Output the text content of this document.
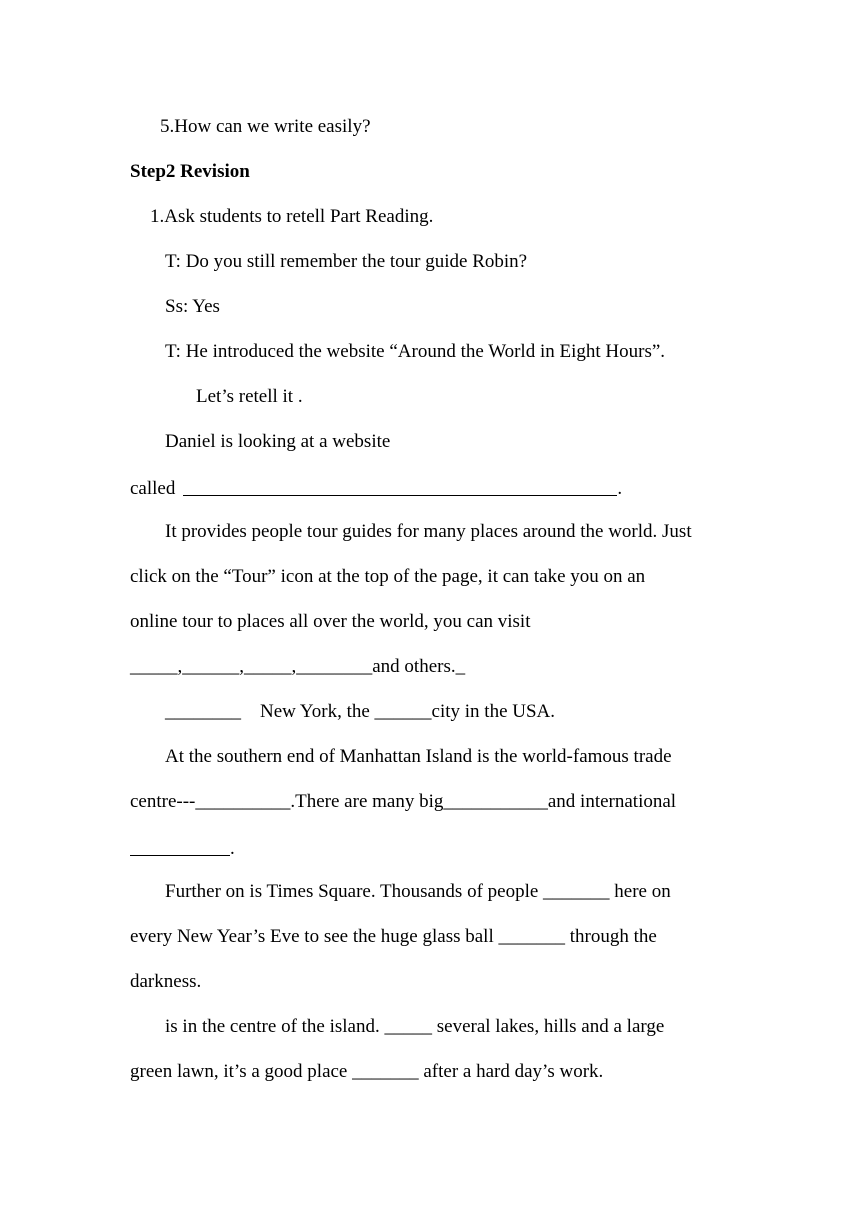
5.How can we write easily?
Step2 Revision
1.Ask students to retell Part Reading.
T: Do you still remember the tour guide Robin?
Ss: Yes
T: He introduced the website “Around the World in Eight Hours”.
Let’s retell it .
Daniel is looking at a website
called	.
It provides people tour guides for many places around the world. Just
click on the “Tour” icon at the top of the page, it can take you on an
online tour to places all over the world, you can visit
_____,______,_____,________and others._
________    New York, the ______city in the USA.
At the southern end of Manhattan Island is the world-famous trade
centre---__________.There are many big___________and international
.
Further on is Times Square. Thousands of people _______ here on
every New Year’s Eve to see the huge glass ball _______ through the
darkness.
is in the centre of the island. _____ several lakes, hills and a large
green lawn, it’s a good place _______ after a hard day’s work.
